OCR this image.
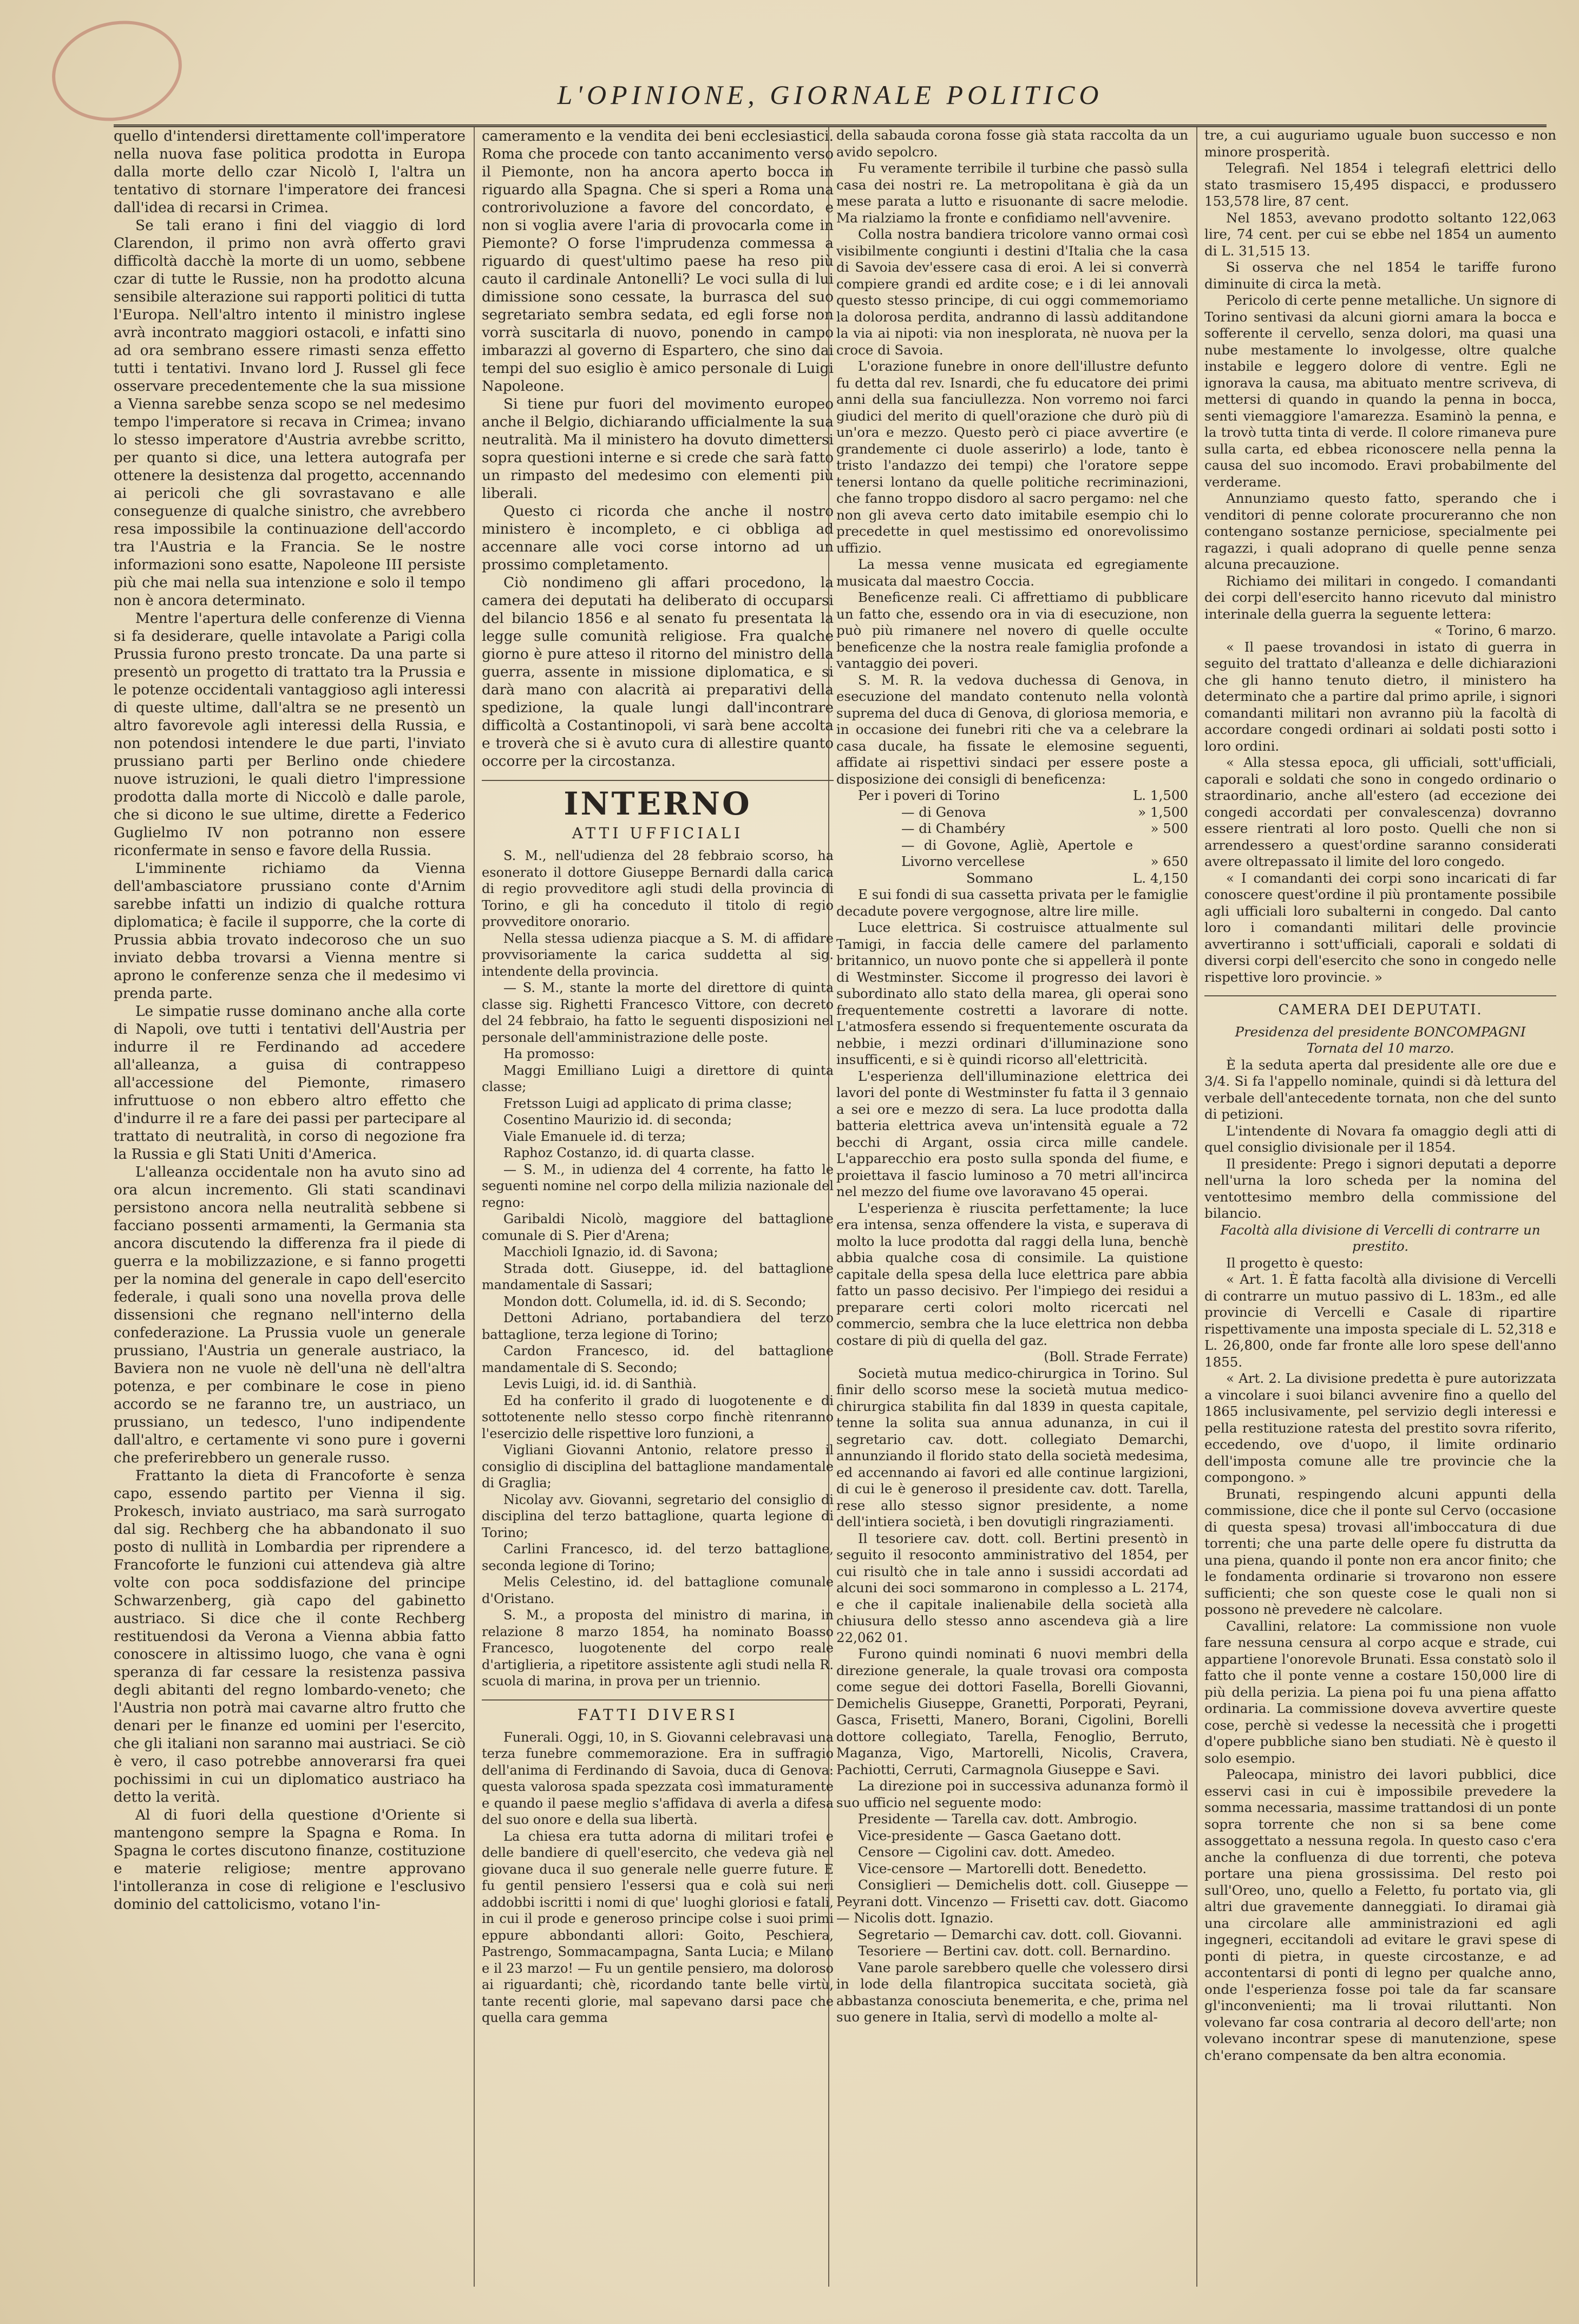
L'OPINIONE, GIORNALE POLITICO

quello d'intendersi direttamente coll'imperatore nella nuova fase politica prodotta in Europa dalla morte dello czar Nicolò I, l'altra un tentativo di stornare l'imperatore dei francesi dall'idea di recarsi in Crimea.

Se tali erano i fini del viaggio di lord Clarendon, il primo non avrà offerto gravi difficoltà dacchè la morte di un uomo, sebbene czar di tutte le Russie, non ha prodotto alcuna sensibile alterazione sui rapporti politici di tutta l'Europa. Nell'altro intento il ministro inglese avrà incontrato maggiori ostacoli, e infatti sino ad ora sembrano essere rimasti senza effetto tutti i tentativi. Invano lord J. Russel gli fece osservare precedentemente che la sua missione a Vienna sarebbe senza scopo se nel medesimo tempo l'imperatore si recava in Crimea; invano lo stesso imperatore d'Austria avrebbe scritto, per quanto si dice, una lettera autografa per ottenere la desistenza dal progetto, accennando ai pericoli che gli sovrastavano e alle conseguenze di qualche sinistro, che avrebbero resa impossibile la continuazione dell'accordo tra l'Austria e la Francia. Se le nostre informazioni sono esatte, Napoleone III persiste più che mai nella sua intenzione e solo il tempo non è ancora determinato.

Mentre l'apertura delle conferenze di Vienna si fa desiderare, quelle intavolate a Parigi colla Prussia furono presto troncate. Da una parte si presentò un progetto di trattato tra la Prussia e le potenze occidentali vantaggioso agli interessi di queste ultime, dall'altra se ne presentò un altro favorevole agli interessi della Russia, e non potendosi intendere le due parti, l'inviato prussiano parti per Berlino onde chiedere nuove istruzioni, le quali dietro l'impressione prodotta dalla morte di Niccolò e dalle parole, che si dicono le sue ultime, dirette a Federico Guglielmo IV non potranno non essere riconfermate in senso e favore della Russia.

L'imminente richiamo da Vienna dell'ambasciatore prussiano conte d'Arnim sarebbe infatti un indizio di qualche rottura diplomatica; è facile il supporre, che la corte di Prussia abbia trovato indecoroso che un suo inviato debba trovarsi a Vienna mentre si aprono le conferenze senza che il medesimo vi prenda parte.

Le simpatie russe dominano anche alla corte di Napoli, ove tutti i tentativi dell'Austria per indurre il re Ferdinando ad accedere all'alleanza, a guisa di contrappeso all'accessione del Piemonte, rimasero infruttuose o non ebbero altro effetto che d'indurre il re a fare dei passi per partecipare al trattato di neutralità, in corso di negozione fra la Russia e gli Stati Uniti d'America.

L'alleanza occidentale non ha avuto sino ad ora alcun incremento. Gli stati scandinavi persistono ancora nella neutralità sebbene si facciano possenti armamenti, la Germania sta ancora discutendo la differenza fra il piede di guerra e la mobilizzazione, e si fanno progetti per la nomina del generale in capo dell'esercito federale, i quali sono una novella prova delle dissensioni che regnano nell'interno della confederazione. La Prussia vuole un generale prussiano, l'Austria un generale austriaco, la Baviera non ne vuole nè dell'una nè dell'altra potenza, e per combinare le cose in pieno accordo se ne faranno tre, un austriaco, un prussiano, un tedesco, l'uno indipendente dall'altro, e certamente vi sono pure i governi che preferirebbero un generale russo.

Frattanto la dieta di Francoforte è senza capo, essendo partito per Vienna il sig. Prokesch, inviato austriaco, ma sarà surrogato dal sig. Rechberg che ha abbandonato il suo posto di nullità in Lombardia per riprendere a Francoforte le funzioni cui attendeva già altre volte con poca soddisfazione del principe Schwarzenberg, già capo del gabinetto austriaco. Si dice che il conte Rechberg restituendosi da Verona a Vienna abbia fatto conoscere in altissimo luogo, che vana è ogni speranza di far cessare la resistenza passiva degli abitanti del regno lombardo-veneto; che l'Austria non potrà mai cavarne altro frutto che denari per le finanze ed uomini per l'esercito, che gli italiani non saranno mai austriaci. Se ciò è vero, il caso potrebbe annoverarsi fra quei pochissimi in cui un diplomatico austriaco ha detto la verità.

Al di fuori della questione d'Oriente si mantengono sempre la Spagna e Roma. In Spagna le cortes discutono finanze, costituzione e materie religiose; mentre approvano l'intolleranza in cose di religione e l'esclusivo dominio del cattolicismo, votano l'in-

cameramento e la vendita dei beni ecclesiastici. Roma che procede con tanto accanimento verso il Piemonte, non ha ancora aperto bocca in riguardo alla Spagna. Che si speri a Roma una controrivoluzione a favore del concordato, e non si voglia avere l'aria di provocarla come in Piemonte? O forse l'imprudenza commessa a riguardo di quest'ultimo paese ha reso più cauto il cardinale Antonelli? Le voci sulla di lui dimissione sono cessate, la burrasca del suo segretariato sembra sedata, ed egli forse non vorrà suscitarla di nuovo, ponendo in campo imbarazzi al governo di Espartero, che sino dai tempi del suo esiglio è amico personale di Luigi Napoleone.

Si tiene pur fuori del movimento europeo anche il Belgio, dichiarando ufficialmente la sua neutralità. Ma il ministero ha dovuto dimettersi sopra questioni interne e si crede che sarà fatto un rimpasto del medesimo con elementi più liberali.

Questo ci ricorda che anche il nostro ministero è incompleto, e ci obbliga ad accennare alle voci corse intorno ad un prossimo completamento.

Ciò nondimeno gli affari procedono, la camera dei deputati ha deliberato di occuparsi del bilancio 1856 e al senato fu presentata la legge sulle comunità religiose. Fra qualche giorno è pure atteso il ritorno del ministro della guerra, assente in missione diplomatica, e si darà mano con alacrità ai preparativi della spedizione, la quale lungi dall'incontrare difficoltà a Costantinopoli, vi sarà bene accolta e troverà che si è avuto cura di allestire quanto occorre per la circostanza.

INTERNO
ATTI UFFICIALI

S. M., nell'udienza del 28 febbraio scorso, ha esonerato il dottore Giuseppe Bernardi dalla carica di regio provveditore agli studi della provincia di Torino, e gli ha conceduto il titolo di regio provveditore onorario.

Nella stessa udienza piacque a S. M. di affidare provvisoriamente la carica suddetta al sig. intendente della provincia.

— S. M., stante la morte del direttore di quinta classe sig. Righetti Francesco Vittore, con decreto del 24 febbraio, ha fatto le seguenti disposizioni nel personale dell'amministrazione delle poste.

Ha promosso:

Maggi Emilliano Luigi a direttore di quinta classe;

Fretsson Luigi ad applicato di prima classe;

Cosentino Maurizio id. di seconda;

Viale Emanuele id. di terza;

Raphoz Costanzo, id. di quarta classe.

— S. M., in udienza del 4 corrente, ha fatto le seguenti nomine nel corpo della milizia nazionale del regno:

Garibaldi Nicolò, maggiore del battaglione comunale di S. Pier d'Arena;

Macchioli Ignazio, id. di Savona;

Strada dott. Giuseppe, id. del battaglione mandamentale di Sassari;

Mondon dott. Columella, id. id. di S. Secondo;

Dettoni Adriano, portabandiera del terzo battaglione, terza legione di Torino;

Cardon Francesco, id. del battaglione mandamentale di S. Secondo;

Levis Luigi, id. id. di Santhià.

Ed ha conferito il grado di luogotenente e di sottotenente nello stesso corpo finchè ritenranno l'esercizio delle rispettive loro funzioni, a

Vigliani Giovanni Antonio, relatore presso il consiglio di disciplina del battaglione mandamentale di Graglia;

Nicolay avv. Giovanni, segretario del consiglio di disciplina del terzo battaglione, quarta legione di Torino;

Carlini Francesco, id. del terzo battaglione, seconda legione di Torino;

Melis Celestino, id. del battaglione comunale d'Oristano.

S. M., a proposta del ministro di marina, in relazione 8 marzo 1854, ha nominato Boasso Francesco, luogotenente del corpo reale d'artiglieria, a ripetitore assistente agli studi nella R. scuola di marina, in prova per un triennio.

FATTI DIVERSI

Funerali. Oggi, 10, in S. Giovanni celebravasi una terza funebre commemorazione. Era in suffragio dell'anima di Ferdinando di Savoia, duca di Genova: questa valorosa spada spezzata così immaturamente e quando il paese meglio s'affidava di averla a difesa del suo onore e della sua libertà.

La chiesa era tutta adorna di militari trofei e delle bandiere di quell'esercito, che vedeva già nel giovane duca il suo generale nelle guerre future. E fu gentil pensiero l'essersi qua e colà sui neri addobbi iscritti i nomi di que' luoghi gloriosi e fatali, in cui il prode e generoso principe colse i suoi primi eppure abbondanti allori: Goito, Peschiera, Pastrengo, Sommacampagna, Santa Lucia; e Milano e il 23 marzo! — Fu un gentile pensiero, ma doloroso ai riguardanti; chè, ricordando tante belle virtù, tante recenti glorie, mal sapevano darsi pace che quella cara gemma

della sabauda corona fosse già stata raccolta da un avido sepolcro.

Fu veramente terribile il turbine che passò sulla casa dei nostri re. La metropolitana è già da un mese parata a lutto e risuonante di sacre melodie. Ma rialziamo la fronte e confidiamo nell'avvenire.

Colla nostra bandiera tricolore vanno ormai così visibilmente congiunti i destini d'Italia che la casa di Savoia dev'essere casa di eroi. A lei si converrà compiere grandi ed ardite cose; e i di lei annovali questo stesso principe, di cui oggi commemoriamo la dolorosa perdita, andranno di lassù additandone la via ai nipoti: via non inesplorata, nè nuova per la croce di Savoia.

L'orazione funebre in onore dell'illustre defunto fu detta dal rev. Isnardi, che fu educatore dei primi anni della sua fanciullezza. Non vorremo noi farci giudici del merito di quell'orazione che durò più di un'ora e mezzo. Questo però ci piace avvertire (e grandemente ci duole asserirlo) a lode, tanto è tristo l'andazzo dei tempi) che l'oratore seppe tenersi lontano da quelle politiche recriminazioni, che fanno troppo disdoro al sacro pergamo: nel che non gli aveva certo dato imitabile esempio chi lo precedette in quel mestissimo ed onorevolissimo uffizio.

La messa venne musicata ed egregiamente musicata dal maestro Coccia.

Beneficenze reali. Ci affrettiamo di pubblicare un fatto che, essendo ora in via di esecuzione, non può più rimanere nel novero di quelle occulte beneficenze che la nostra reale famiglia profonde a vantaggio dei poveri.

S. M. R. la vedova duchessa di Genova, in esecuzione del mandato contenuto nella volontà suprema del duca di Genova, di gloriosa memoria, e in occasione dei funebri riti che va a celebrare la casa ducale, ha fissate le elemosine seguenti, affidate ai rispettivi sindaci per essere poste a disposizione dei consigli di beneficenza:

Per i poveri di Torino	L. 1,500
— di Genova	» 1,500
— di Chambéry	» 500
— di Govone, Agliè, Apertole e Livorno vercellese	» 650
Sommano	L. 4,150

E sui fondi di sua cassetta privata per le famiglie decadute povere vergognose, altre lire mille.

Luce elettrica. Si costruisce attualmente sul Tamigi, in faccia delle camere del parlamento britannico, un nuovo ponte che si appellerà il ponte di Westminster. Siccome il progresso dei lavori è subordinato allo stato della marea, gli operai sono frequentemente costretti a lavorare di notte. L'atmosfera essendo si frequentemente oscurata da nebbie, i mezzi ordinari d'illuminazione sono insufficenti, e si è quindi ricorso all'elettricità.

L'esperienza dell'illuminazione elettrica dei lavori del ponte di Westminster fu fatta il 3 gennaio a sei ore e mezzo di sera. La luce prodotta dalla batteria elettrica aveva un'intensità eguale a 72 becchi di Argant, ossia circa mille candele. L'apparecchio era posto sulla sponda del fiume, e proiettava il fascio luminoso a 70 metri all'incirca nel mezzo del fiume ove lavoravano 45 operai.

L'esperienza è riuscita perfettamente; la luce era intensa, senza offendere la vista, e superava di molto la luce prodotta dal raggi della luna, benchè abbia qualche cosa di consimile. La quistione capitale della spesa della luce elettrica pare abbia fatto un passo decisivo. Per l'impiego dei residui a preparare certi colori molto ricercati nel commercio, sembra che la luce elettrica non debba costare di più di quella del gaz.

(Boll. Strade Ferrate)

Società mutua medico-chirurgica in Torino. Sul finir dello scorso mese la società mutua medico-chirurgica stabilita fin dal 1839 in questa capitale, tenne la solita sua annua adunanza, in cui il segretario cav. dott. collegiato Demarchi, annunziando il florido stato della società medesima, ed accennando ai favori ed alle continue largizioni, di cui le è generoso il presidente cav. dott. Tarella, rese allo stesso signor presidente, a nome dell'intiera società, i ben dovutigli ringraziamenti.

Il tesoriere cav. dott. coll. Bertini presentò in seguito il resoconto amministrativo del 1854, per cui risultò che in tale anno i sussidi accordati ad alcuni dei soci sommarono in complesso a L. 2174, e che il capitale inalienabile della società alla chiusura dello stesso anno ascendeva già a lire 22,062 01.

Furono quindi nominati 6 nuovi membri della direzione generale, la quale trovasi ora composta come segue dei dottori Fasella, Borelli Giovanni, Demichelis Giuseppe, Granetti, Porporati, Peyrani, Gasca, Frisetti, Manero, Borani, Cigolini, Borelli dottore collegiato, Tarella, Fenoglio, Berruto, Maganza, Vigo, Martorelli, Nicolis, Cravera, Pachiotti, Cerruti, Carmagnola Giuseppe e Savi.

La direzione poi in successiva adunanza formò il suo ufficio nel seguente modo:

Presidente — Tarella cav. dott. Ambrogio.

Vice-presidente — Gasca Gaetano dott.

Censore — Cigolini cav. dott. Amedeo.

Vice-censore — Martorelli dott. Benedetto.

Consiglieri — Demichelis dott. coll. Giuseppe — Peyrani dott. Vincenzo — Frisetti cav. dott. Giacomo — Nicolis dott. Ignazio.

Segretario — Demarchi cav. dott. coll. Giovanni.

Tesoriere — Bertini cav. dott. coll. Bernardino.

Vane parole sarebbero quelle che volessero dirsi in lode della filantropica succitata società, già abbastanza conosciuta benemerita, e che, prima nel suo genere in Italia, servì di modello a molte al-

tre, a cui auguriamo uguale buon successo e non minore prosperità.

Telegrafi. Nel 1854 i telegrafi elettrici dello stato trasmisero 15,495 dispacci, e produssero 153,578 lire, 87 cent.

Nel 1853, avevano prodotto soltanto 122,063 lire, 74 cent. per cui se ebbe nel 1854 un aumento di L. 31,515 13.

Si osserva che nel 1854 le tariffe furono diminuite di circa la metà.

Pericolo di certe penne metalliche. Un signore di Torino sentivasi da alcuni giorni amara la bocca e sofferente il cervello, senza dolori, ma quasi una nube mestamente lo involgesse, oltre qualche instabile e leggero dolore di ventre. Egli ne ignorava la causa, ma abituato mentre scriveva, di mettersi di quando in quando la penna in bocca, senti viemaggiore l'amarezza. Esaminò la penna, e la trovò tutta tinta di verde. Il colore rimaneva pure sulla carta, ed ebbea riconoscere nella penna la causa del suo incomodo. Eravi probabilmente del verderame.

Annunziamo questo fatto, sperando che i venditori di penne colorate procureranno che non contengano sostanze perniciose, specialmente pei ragazzi, i quali adoprano di quelle penne senza alcuna precauzione.

Richiamo dei militari in congedo. I comandanti dei corpi dell'esercito hanno ricevuto dal ministro interinale della guerra la seguente lettera:

« Torino, 6 marzo.

« Il paese trovandosi in istato di guerra in seguito del trattato d'alleanza e delle dichiarazioni che gli hanno tenuto dietro, il ministero ha determinato che a partire dal primo aprile, i signori comandanti militari non avranno più la facoltà di accordare congedi ordinari ai soldati posti sotto i loro ordini.

« Alla stessa epoca, gli ufficiali, sott'ufficiali, caporali e soldati che sono in congedo ordinario o straordinario, anche all'estero (ad eccezione dei congedi accordati per convalescenza) dovranno essere rientrati al loro posto. Quelli che non si arrendessero a quest'ordine saranno considerati avere oltrepassato il limite del loro congedo.

« I comandanti dei corpi sono incaricati di far conoscere quest'ordine il più prontamente possibile agli ufficiali loro subalterni in congedo. Dal canto loro i comandanti militari delle provincie avvertiranno i sott'ufficiali, caporali e soldati di diversi corpi dell'esercito che sono in congedo nelle rispettive loro provincie. »

CAMERA DEI DEPUTATI.

Presidenza del presidente BONCOMPAGNI

Tornata del 10 marzo.

È la seduta aperta dal presidente alle ore due e 3/4. Si fa l'appello nominale, quindi si dà lettura del verbale dell'antecedente tornata, non che del sunto di petizioni.

L'intendente di Novara fa omaggio degli atti di quel consiglio divisionale per il 1854.

Il presidente: Prego i signori deputati a deporre nell'urna la loro scheda per la nomina del ventottesimo membro della commissione del bilancio.

Facoltà alla divisione di Vercelli di contrarre un prestito.

Il progetto è questo:

« Art. 1. È fatta facoltà alla divisione di Vercelli di contrarre un mutuo passivo di L. 183m., ed alle provincie di Vercelli e Casale di ripartire rispettivamente una imposta speciale di L. 52,318 e L. 26,800, onde far fronte alle loro spese dell'anno 1855.

« Art. 2. La divisione predetta è pure autorizzata a vincolare i suoi bilanci avvenire fino a quello del 1865 inclusivamente, pel servizio degli interessi e pella restituzione ratesta del prestito sovra riferito, eccedendo, ove d'uopo, il limite ordinario dell'imposta comune alle tre provincie che la compongono. »

Brunati, respingendo alcuni appunti della commissione, dice che il ponte sul Cervo (occasione di questa spesa) trovasi all'imboccatura di due torrenti; che una parte delle opere fu distrutta da una piena, quando il ponte non era ancor finito; che le fondamenta ordinarie si trovarono non essere sufficienti; che son queste cose le quali non si possono nè prevedere nè calcolare.

Cavallini, relatore: La commissione non vuole fare nessuna censura al corpo acque e strade, cui appartiene l'onorevole Brunati. Essa constatò solo il fatto che il ponte venne a costare 150,000 lire di più della perizia. La piena poi fu una piena affatto ordinaria. La commissione doveva avvertire queste cose, perchè si vedesse la necessità che i progetti d'opere pubbliche siano ben studiati. Nè è questo il solo esempio.

Paleocapa, ministro dei lavori pubblici, dice esservi casi in cui è impossibile prevedere la somma necessaria, massime trattandosi di un ponte sopra torrente che non si sa bene come assoggettato a nessuna regola. In questo caso c'era anche la confluenza di due torrenti, che poteva portare una piena grossissima. Del resto poi sull'Oreo, uno, quello a Feletto, fu portato via, gli altri due gravemente danneggiati. Io diramai già una circolare alle amministrazioni ed agli ingegneri, eccitandoli ad evitare le gravi spese di ponti di pietra, in queste circostanze, e ad accontentarsi di ponti di legno per qualche anno, onde l'esperienza fosse poi tale da far scansare gl'inconvenienti; ma li trovai riluttanti. Non volevano far cosa contraria al decoro dell'arte; non volevano incontrar spese di manutenzione, spese ch'erano compensate da ben altra economia.
